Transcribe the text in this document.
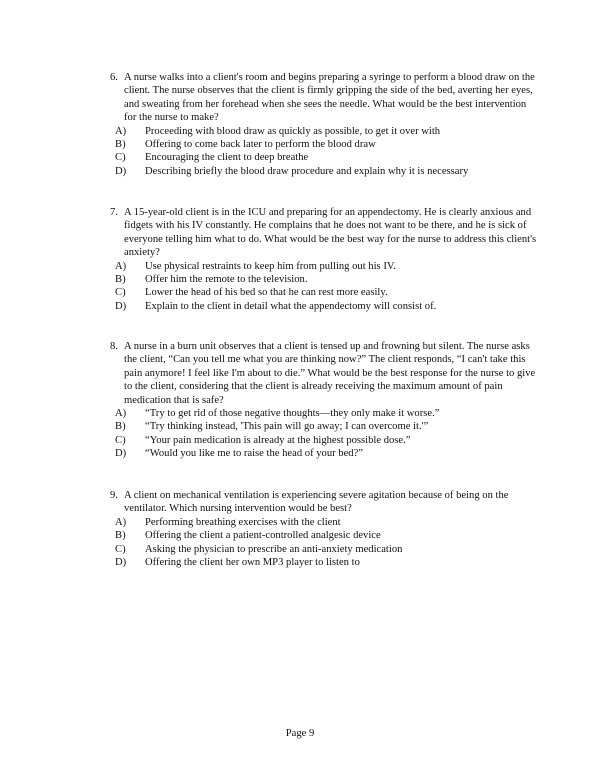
6. A nurse walks into a client's room and begins preparing a syringe to perform a blood draw on the client. The nurse observes that the client is firmly gripping the side of the bed, averting her eyes, and sweating from her forehead when she sees the needle. What would be the best intervention for the nurse to make?
A)	Proceeding with blood draw as quickly as possible, to get it over with
B)	Offering to come back later to perform the blood draw
C)	Encouraging the client to deep breathe
D)	Describing briefly the blood draw procedure and explain why it is necessary
7. A 15-year-old client is in the ICU and preparing for an appendectomy. He is clearly anxious and fidgets with his IV constantly. He complains that he does not want to be there, and he is sick of everyone telling him what to do. What would be the best way for the nurse to address this client's anxiety?
A)	Use physical restraints to keep him from pulling out his IV.
B)	Offer him the remote to the television.
C)	Lower the head of his bed so that he can rest more easily.
D)	Explain to the client in detail what the appendectomy will consist of.
8. A nurse in a burn unit observes that a client is tensed up and frowning but silent. The nurse asks the client, “Can you tell me what you are thinking now?” The client responds, “I can't take this pain anymore! I feel like I'm about to die.” What would be the best response for the nurse to give to the client, considering that the client is already receiving the maximum amount of pain medication that is safe?
A)	“Try to get rid of those negative thoughts—they only make it worse.”
B)	“Try thinking instead, 'This pain will go away; I can overcome it.'”
C)	“Your pain medication is already at the highest possible dose.”
D)	“Would you like me to raise the head of your bed?”
9. A client on mechanical ventilation is experiencing severe agitation because of being on the ventilator. Which nursing intervention would be best?
A)	Performing breathing exercises with the client
B)	Offering the client a patient-controlled analgesic device
C)	Asking the physician to prescribe an anti-anxiety medication
D)	Offering the client her own MP3 player to listen to
Page 9
